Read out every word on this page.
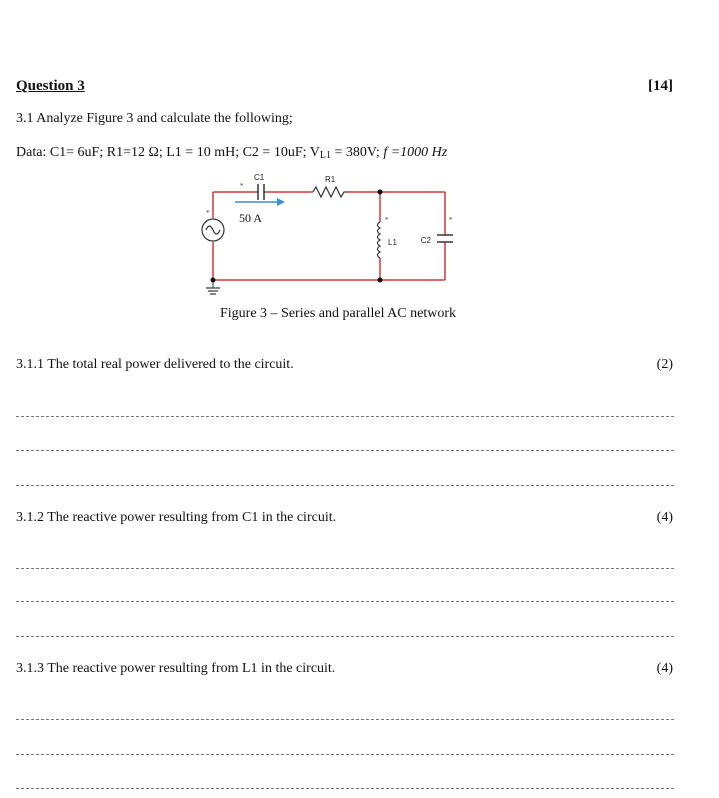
Question 3	[14]
3.1 Analyze Figure 3 and calculate the following;
Data: C1= 6uF; R1=12 Ω; L1 = 10 mH; C2 = 10uF; $V_{L1} = 380V$; f =1000 Hz
*
*
C1	R1
50 A	*
L1
*
C2
Figure 3 – Series and parallel AC network
3.1.1 The total real power delivered to the circuit.	(2)
3.1.2 The reactive power resulting from C1 in the circuit.	(4)
3.1.3 The reactive power resulting from L1 in the circuit.	(4)
